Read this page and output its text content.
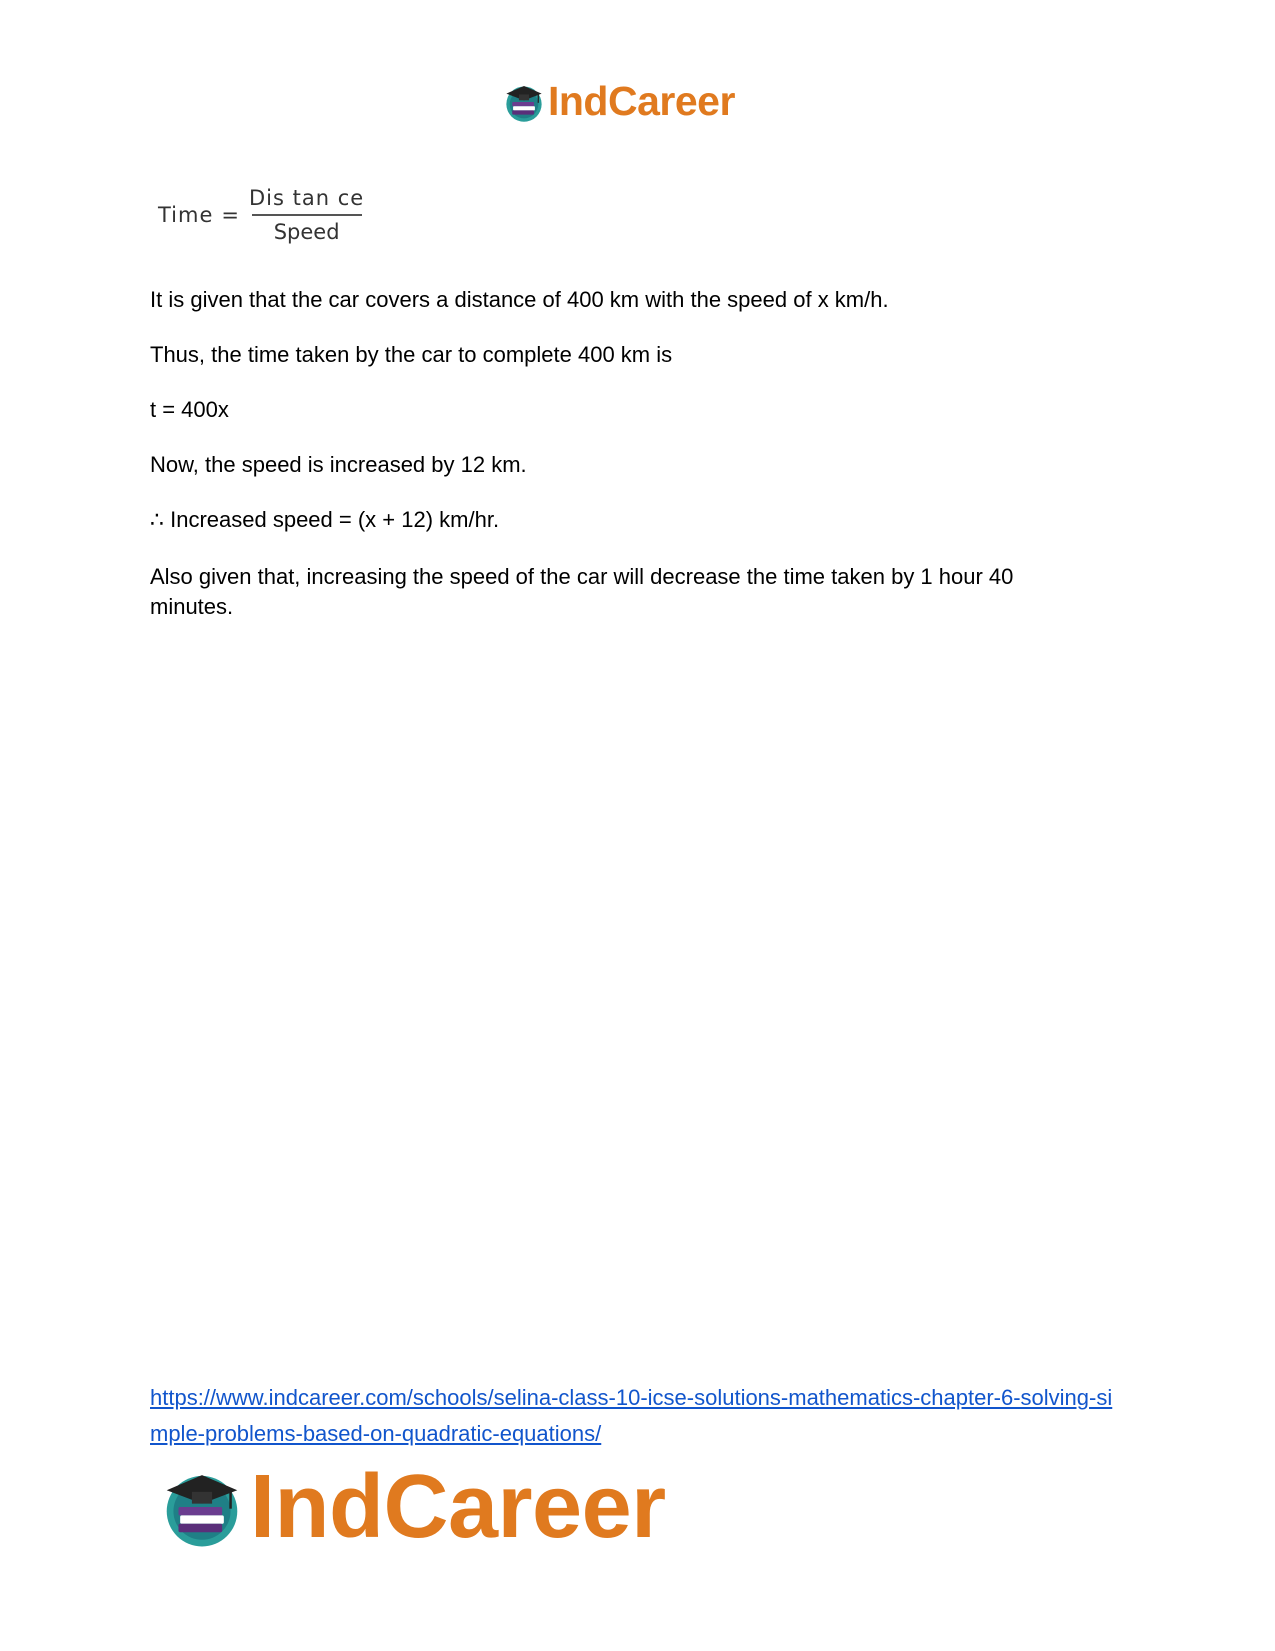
IndCareer
Time = $\frac{\text{Dis tan ce}}{\text{Speed}}$

It is given that the car covers a distance of 400 km with the speed of x km/h.

Thus, the time taken by the car to complete 400 km is

t = 400x

Now, the speed is increased by 12 km.

∴ Increased speed = (x + 12) km/hr.

Also given that, increasing the speed of the car will decrease the time taken by 1 hour 40 minutes.

https://www.indcareer.com/schools/selina-class-10-icse-solutions-mathematics-chapter-6-solving-simple-problems-based-on-quadratic-equations/
IndCareer
